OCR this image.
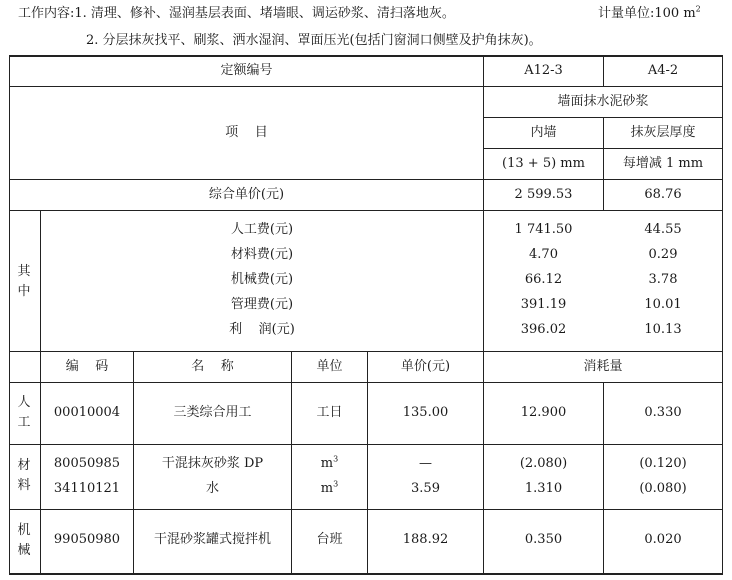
工作内容:1. 清理、修补、湿润基层表面、堵墙眼、调运砂浆、清扫落地灰。	计量单位:100 $m^2$
2. 分层抹灰找平、刷浆、洒水湿润、罩面压光(包括门窗洞口侧壁及护角抹灰)。
定额编号	A12-3	A4-2
项    目
墙面抹水泥砂浆
内墙	抹灰层厚度
(13 + 5) mm	每增减 1 mm
综合单价(元)	2 599.53	68.76
其中
人工费(元)	1 741.50	44.55
材料费(元)	4.70	0.29
机械费(元)	66.12	3.78
管理费(元)	391.19	10.01
利    润(元)	396.02	10.13
编    码	名    称	单位	单价(元)	消耗量
人工
00010004	三类综合用工	工日	135.00	12.900	0.330
材料
80050985	干混抹灰砂浆 DP	$m^3$	—	(2.080)	(0.120)
34110121	水	$m^3$	3.59	1.310	(0.080)
机械
99050980	干混砂浆罐式搅拌机	台班	188.92	0.350	0.020
